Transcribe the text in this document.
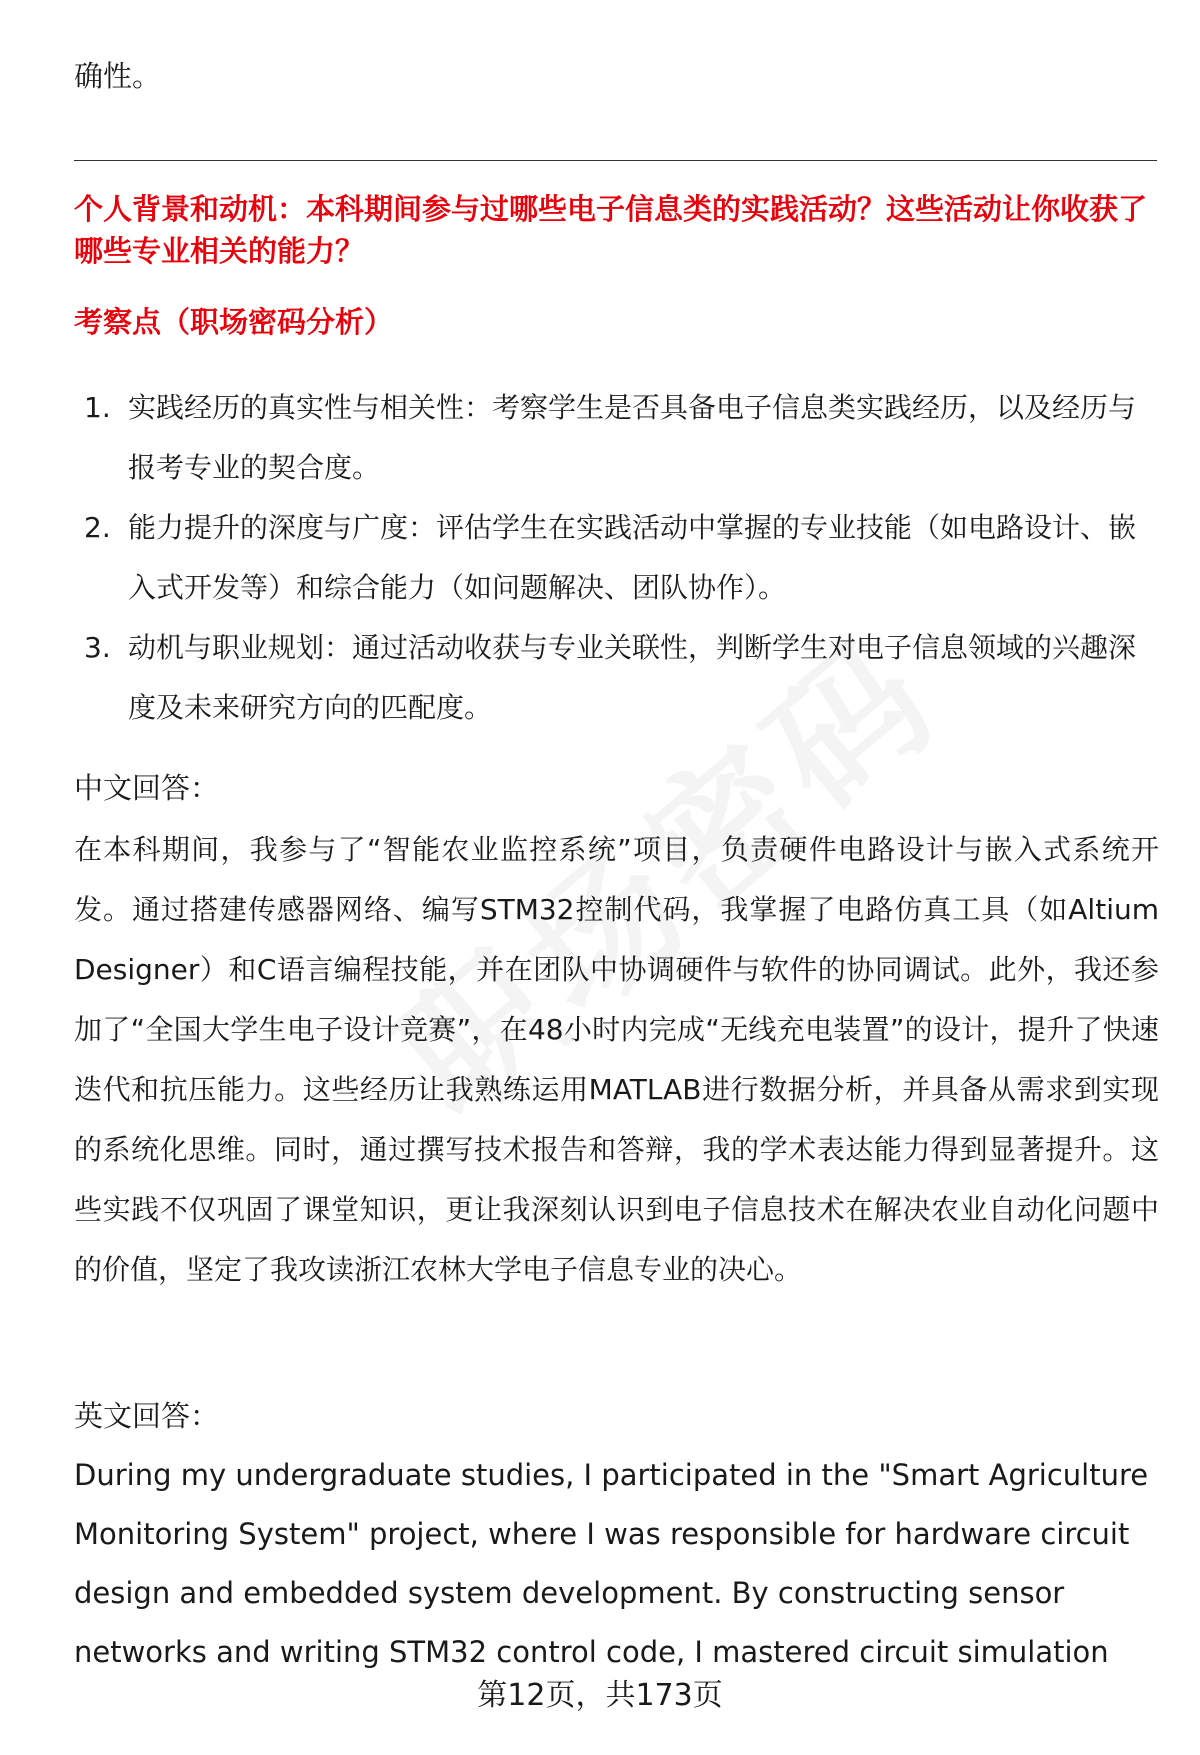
确性。
个人背景和动机：本科期间参与过哪些电子信息类的实践活动？这些活动让你收获了哪些专业相关的能力？
考察点（职场密码分析）
1. 实践经历的真实性与相关性：考察学生是否具备电子信息类实践经历，以及经历与报考专业的契合度。
2. 能力提升的深度与广度：评估学生在实践活动中掌握的专业技能（如电路设计、嵌入式开发等）和综合能力（如问题解决、团队协作）。
3. 动机与职业规划：通过活动收获与专业关联性，判断学生对电子信息领域的兴趣深度及未来研究方向的匹配度。
中文回答：
在本科期间，我参与了“智能农业监控系统”项目，负责硬件电路设计与嵌入式系统开发。通过搭建传感器网络、编写STM32控制代码，我掌握了电路仿真工具（如Altium Designer）和C语言编程技能，并在团队中协调硬件与软件的协同调试。此外，我还参加了“全国大学生电子设计竞赛”，在48小时内完成“无线充电装置”的设计，提升了快速迭代和抗压能力。这些经历让我熟练运用MATLAB进行数据分析，并具备从需求到实现的系统化思维。同时，通过撰写技术报告和答辩，我的学术表达能力得到显著提升。这些实践不仅巩固了课堂知识，更让我深刻认识到电子信息技术在解决农业自动化问题中的价值，坚定了我攻读浙江农林大学电子信息专业的决心。
英文回答：
During my undergraduate studies, I participated in the "Smart Agriculture Monitoring System" project, where I was responsible for hardware circuit design and embedded system development. By constructing sensor networks and writing STM32 control code, I mastered circuit simulation
第12页，共173页
